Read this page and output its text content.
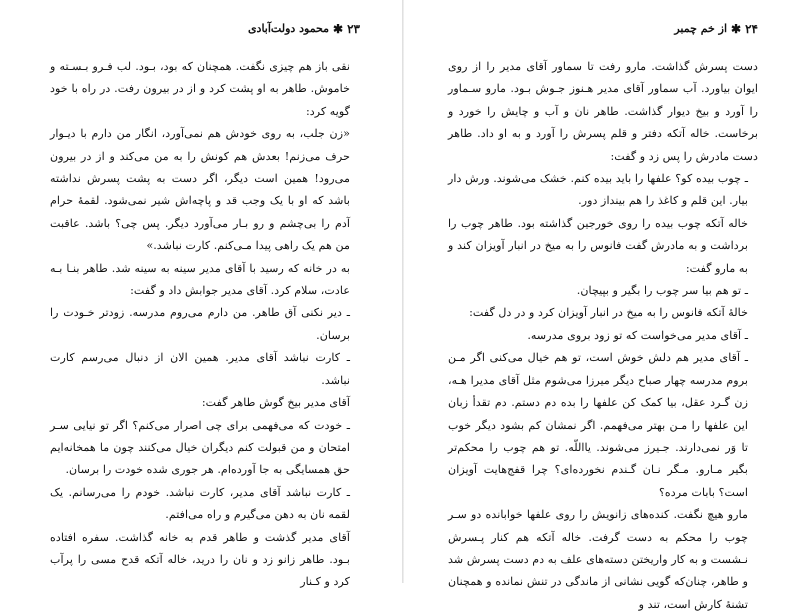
۲۳
✱
محمود دولت‌آبادی

نقی باز هم چیزی نگفت. همچنان که بود، بـود. لب فـرو بـسـته و خاموش. طاهر به او پشت کرد و از در بیرون رفت. در راه با خود گویه کرد:

«زن جلب، به روی خودش هم نمی‌آورد، انگار من دارم با دیـوار حرف می‌زنم! بعدش هم کونش را به من می‌کند و از در بیرون می‌رود! همین است دیگر، اگر دست به پشت پسرش نداشته باشد که او با یک وجب قد و پاچه‌اش شیر نمی‌شود. لقمهٔ حرام آدم را بی‌چشم و رو بـار می‌آورد دیگر. پس چی؟ باشد. عاقبت من هم یک راهی پیدا مـی‌کنم. کارت نباشد.»

به در خانه که رسید با آقای مدیر سینه به سینه شد. طاهر بنـا بـه عادت، سلام کرد. آقای مدیر جوابش داد و گفت:

ـ دیر نکنی آق طاهر. من دارم می‌روم مدرسه. زودتر خـودت را برسان.

ـ کارت نباشد آقای مدیر. همین الان از دنبال می‌رسم کارت نباشد.

آقای مدیر بیخ گوش طاهر گفت:

ـ خودت که می‌فهمی برای چی اصرار می‌کنم؟ اگر تو نیایی سـر امتحان و من قبولت کنم دیگران خیال می‌کنند چون ما همخانه‌ایم حق همسایگی به جا آورده‌ام. هر جوری شده خودت را برسان.

ـ کارت نباشد آقای مدیر، کارت نباشد. خودم را می‌رسانم. یک لقمه نان به دهن می‌گیرم و راه می‌افتم.

آقای مدیر گذشت و طاهر قدم به خانه گذاشت. سفره افتاده بـود. طاهر زانو زد و نان را درید، خاله آتکه قدح مسی را پرآب کرد و کـنار

۲۴
✱
از خم چمبر

دست پسرش گذاشت. مارو رفت تا سماور آقای مدیر را از روی ایوان بیاورد. آب سماور آقای مدیر هـنوز جـوش بـود. مارو سـماور را آورد و بیخ دیوار گذاشت. طاهر نان و آب و چایش را خورد و برخاست. خاله آتکه دفتر و قلم پسرش را آورد و به او داد. طاهر دست مادرش را پس زد و گفت:

ـ چوب بیده کو؟ علفها را باید بیده کنم. خشک می‌شوند. ورش دار بیار. این قلم و کاغذ را هم بینداز دور.

خاله آتکه چوب بیده را روی خورجین گذاشته بود. طاهر چوب را برداشت و به مادرش گفت فانوس را به میخ در انبار آویزان کند و به مارو گفت:

ـ تو هم بیا سر چوب را بگیر و بپیچان.

خالهٔ آتکه فانوس را به میخ در انبار آویزان کرد و در دل گفت:

ـ آقای مدیر می‌خواست که تو زود بروی مدرسه.

ـ آقای مدیر هم دلش خوش است، تو هم خیال می‌کنی اگر مـن بروم مدرسه چهار صباح دیگر میرزا می‌شوم مثل آقای مدیرا هـه، زن گـرد عقل، بیا کمک کن علفها را بده دم دستم. دم تقدأ زبان این علفها را مـن بهتر می‌فهمم. اگر نمشان کم بشود دیگر خوب تا وَر نمی‌دارند. جـیرز می‌شوند. یااللّه. تو هم چوب را محکم‌تر بگیر مـارو. مـگر نـان گـندم نخورده‌ای؟ چرا قفج‌هایت آویزان است؟ بابات مرده؟

مارو هیچ نگفت. کنده‌های زانویش را روی علفها خوابانده دو سـر چوب را محکم به دست گرفت. خاله آتکه هم کنار پـسرش نـشست و به کار واریختن دسته‌های علف به دم دست پسرش شد و طاهر، چنان‌که گویی نشانی از ماندگی در تنش نمانده و همچنان تشنهٔ کارش است، تند و
